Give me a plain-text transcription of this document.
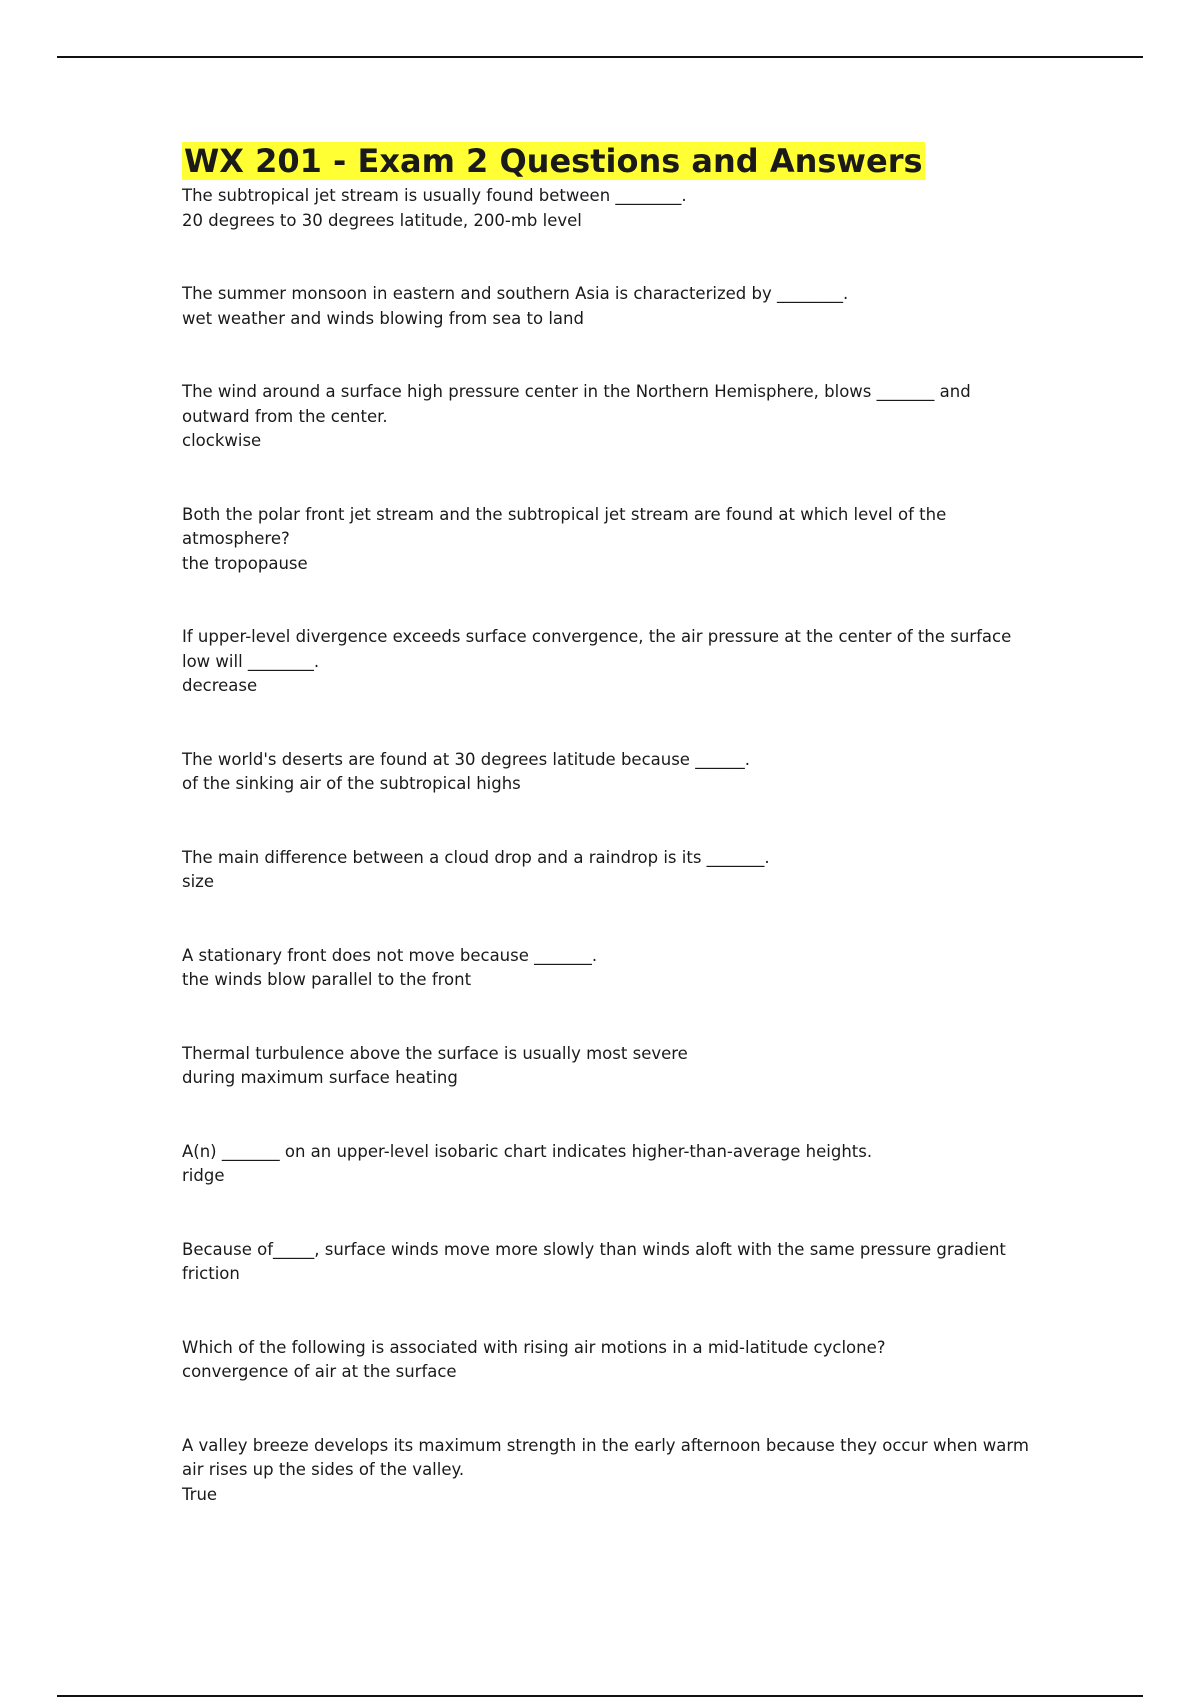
WX 201 - Exam 2 Questions and Answers
The subtropical jet stream is usually found between ________.
20 degrees to 30 degrees latitude, 200-mb level
The summer monsoon in eastern and southern Asia is characterized by ________.
wet weather and winds blowing from sea to land
The wind around a surface high pressure center in the Northern Hemisphere, blows _______ and outward from the center.
clockwise
Both the polar front jet stream and the subtropical jet stream are found at which level of the atmosphere?
the tropopause
If upper-level divergence exceeds surface convergence, the air pressure at the center of the surface low will ________.
decrease
The world's deserts are found at 30 degrees latitude because ______.
of the sinking air of the subtropical highs
The main difference between a cloud drop and a raindrop is its _______.
size
A stationary front does not move because _______.
the winds blow parallel to the front
Thermal turbulence above the surface is usually most severe
during maximum surface heating
A(n) _______ on an upper-level isobaric chart indicates higher-than-average heights.
ridge
Because of_____, surface winds move more slowly than winds aloft with the same pressure gradient
friction
Which of the following is associated with rising air motions in a mid-latitude cyclone?
convergence of air at the surface
A valley breeze develops its maximum strength in the early afternoon because they occur when warm air rises up the sides of the valley.
True
